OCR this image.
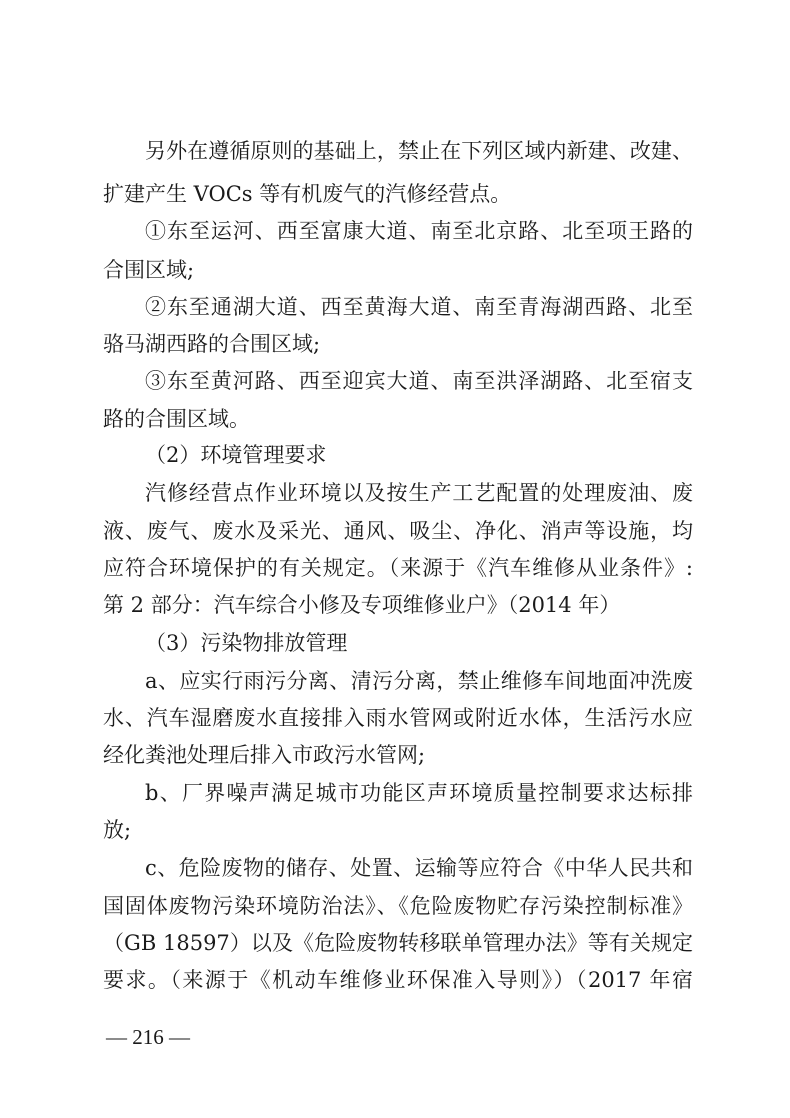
另外在遵循原则的基础上，禁止在下列区域内新建、改建、
扩建产生 VOCs 等有机废气的汽修经营点。
①东至运河、西至富康大道、南至北京路、北至项王路的
合围区域;
②东至通湖大道、西至黄海大道、南至青海湖西路、北至
骆马湖西路的合围区域;
③东至黄河路、西至迎宾大道、南至洪泽湖路、北至宿支
路的合围区域。
（2）环境管理要求
汽修经营点作业环境以及按生产工艺配置的处理废油、废
液、废气、废水及采光、通风、吸尘、净化、消声等设施，均
应符合环境保护的有关规定。（来源于《汽车维修从业条件》:
第 2 部分：汽车综合小修及专项维修业户》（2014 年）
（3）污染物排放管理
a、应实行雨污分离、清污分离，禁止维修车间地面冲洗废
水、汽车湿磨废水直接排入雨水管网或附近水体，生活污水应
经化粪池处理后排入市政污水管网;
b、厂界噪声满足城市功能区声环境质量控制要求达标排
放;
c、危险废物的储存、处置、运输等应符合《中华人民共和
国固体废物污染环境防治法》、《危险废物贮存污染控制标准》
（GB 18597）以及《危险废物转移联单管理办法》等有关规定
要求。（来源于《机动车维修业环保准入导则》）（2017 年宿
— 216 —
